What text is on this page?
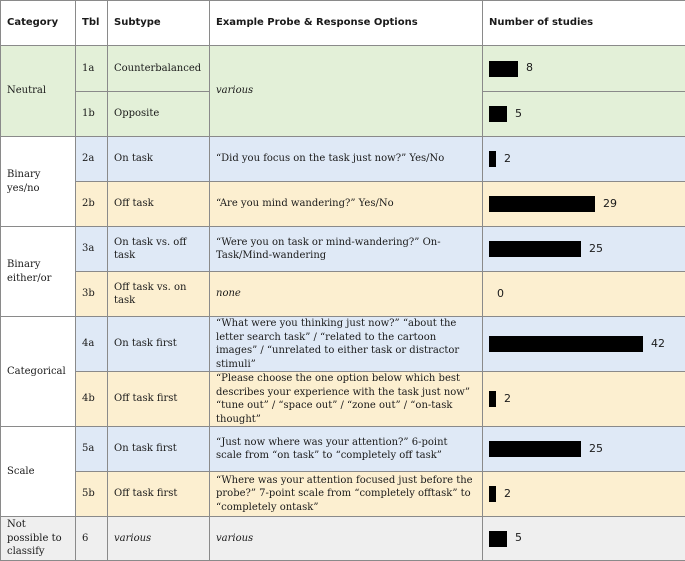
Category	Tbl	Subtype	Example Probe & Response Options	Number of studies
Neutral	1a	Counterbalanced	various	8

	1b	Opposite		5

Binary yes/no	2a	On task	“Did you focus on the task just now?” Yes/No	2

	2b	Off task	“Are you mind wandering?” Yes/No	29

Binary either/or	3a	On task vs. off task	“Were you on task or mind-wandering?” On-Task/Mind-wandering	25

	3b	Off task vs. on task	none	0

Categorical	4a	On task first	“What were you thinking just now?” “about the letter search task” / “related to the cartoon images” / “unrelated to either task or distractor stimuli”	42

	4b	Off task first	“Please choose the one option below which best describes your experience with the task just now” “tune out” / “space out” / “zone out” / “on-task thought”	2

Scale	5a	On task first	“Just now where was your attention?” 6-point scale from “on task” to “completely off task”	25

	5b	Off task first	“Where was your attention focused just before the probe?” 7-point scale from “completely offtask” to “completely ontask”	2

Not possible to classify	6	various	various	5
